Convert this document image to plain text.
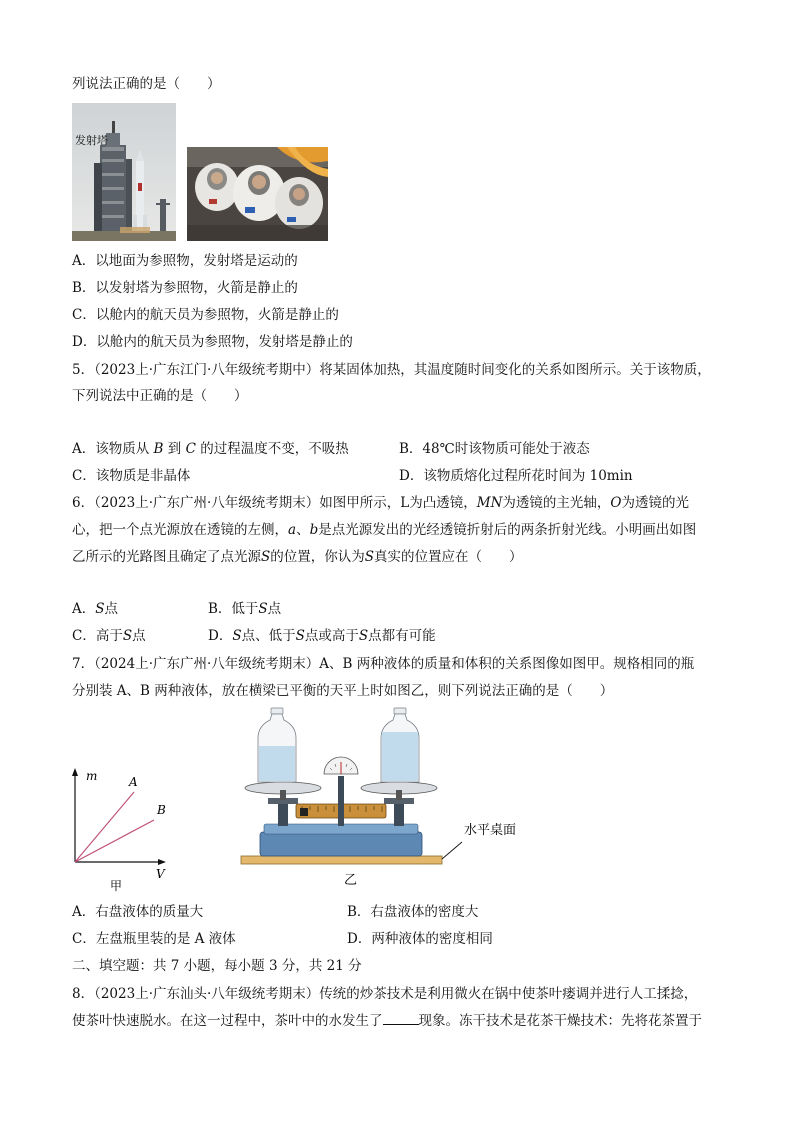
列说法正确的是（　　）
发射塔
A．以地面为参照物，发射塔是运动的
B．以发射塔为参照物，火箭是静止的
C．以舱内的航天员为参照物，火箭是静止的
D．以舱内的航天员为参照物，发射塔是静止的
5．（2023上·广东江门·八年级统考期中）将某固体加热，其温度随时间变化的关系如图所示。关于该物质，
下列说法中正确的是（　　）
A．该物质从 B 到 C 的过程温度不变，不吸热	B．48℃时该物质可能处于液态
C．该物质是非晶体	D．该物质熔化过程所花时间为 10min
6．（2023上·广东广州·八年级统考期末）如图甲所示，L为凸透镜，MN为透镜的主光轴，O为透镜的光
心，把一个点光源放在透镜的左侧，a、b是点光源发出的光经透镜折射后的两条折射光线。小明画出如图
乙所示的光路图且确定了点光源S的位置，你认为S真实的位置应在（　　）
A．S点	B．低于S点
C．高于S点	D．S点、低于S点或高于S点都有可能
7．（2024上·广东广州·八年级统考期末）A、B 两种液体的质量和体积的关系图像如图甲。规格相同的瓶
分别装 A、B 两种液体，放在横梁已平衡的天平上时如图乙，则下列说法正确的是（　　）
m
V
A
B
甲
水平桌面
乙
A．右盘液体的质量大	B．右盘液体的密度大
C．左盘瓶里装的是 A 液体	D．两种液体的密度相同
二、填空题：共 7 小题，每小题 3 分，共 21 分
8．（2023上·广东汕头·八年级统考期末）传统的炒茶技术是利用微火在锅中使茶叶瘘调并进行人工揉捻，
使茶叶快速脱水。在这一过程中，茶叶中的水发生了	现象。冻干技术是花茶干燥技术：先将花茶置于
